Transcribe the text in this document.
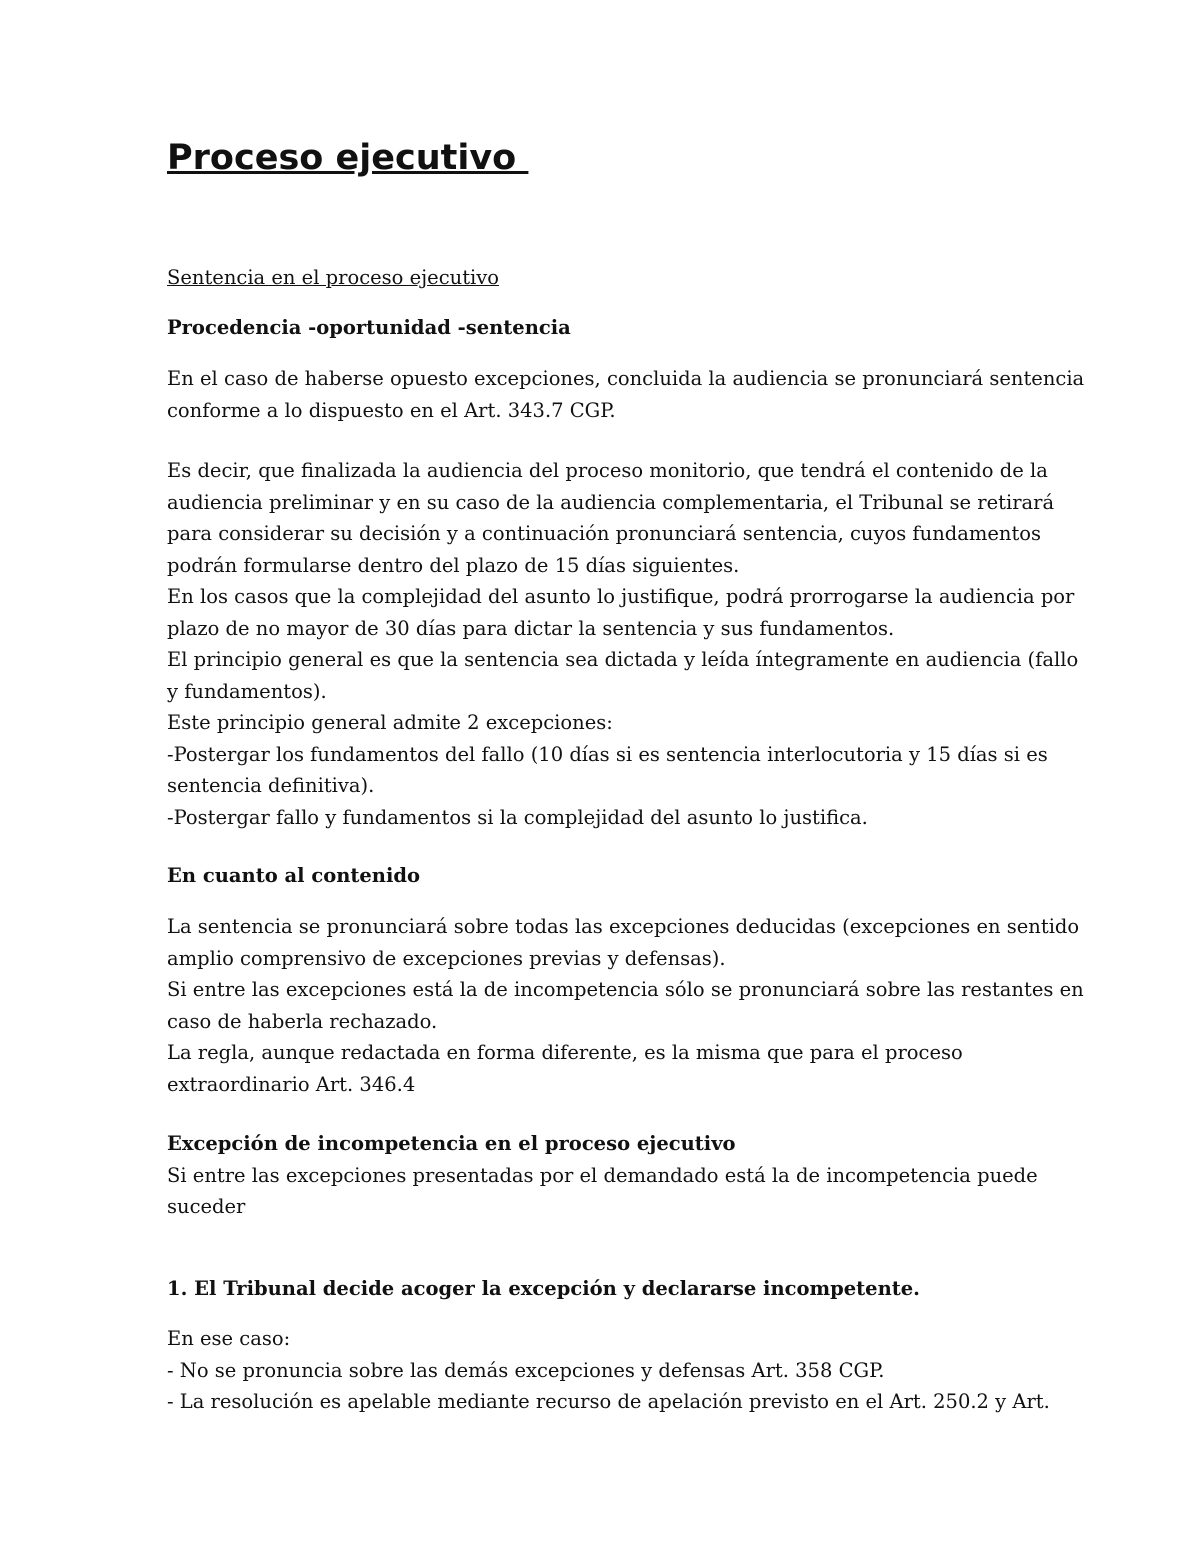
Proceso ejecutivo
Sentencia en el proceso ejecutivo
Procedencia -oportunidad -sentencia
En el caso de haberse opuesto excepciones, concluida la audiencia se pronunciará sentencia
conforme a lo dispuesto en el Art. 343.7 CGP.
Es decir, que finalizada la audiencia del proceso monitorio, que tendrá el contenido de la
audiencia preliminar y en su caso de la audiencia complementaria, el Tribunal se retirará
para considerar su decisión y a continuación pronunciará sentencia, cuyos fundamentos
podrán formularse dentro del plazo de 15 días siguientes.
En los casos que la complejidad del asunto lo justifique, podrá prorrogarse la audiencia por
plazo de no mayor de 30 días para dictar la sentencia y sus fundamentos.
El principio general es que la sentencia sea dictada y leída íntegramente en audiencia (fallo
y fundamentos).
Este principio general admite 2 excepciones:
-Postergar los fundamentos del fallo (10 días si es sentencia interlocutoria y 15 días si es
sentencia definitiva).
-Postergar fallo y fundamentos si la complejidad del asunto lo justifica.
En cuanto al contenido
La sentencia se pronunciará sobre todas las excepciones deducidas (excepciones en sentido
amplio comprensivo de excepciones previas y defensas).
Si entre las excepciones está la de incompetencia sólo se pronunciará sobre las restantes en
caso de haberla rechazado.
La regla, aunque redactada en forma diferente, es la misma que para el proceso
extraordinario Art. 346.4
Excepción de incompetencia en el proceso ejecutivo
Si entre las excepciones presentadas por el demandado está la de incompetencia puede
suceder
1. El Tribunal decide acoger la excepción y declararse incompetente.
En ese caso:
- No se pronuncia sobre las demás excepciones y defensas Art. 358 CGP.
- La resolución es apelable mediante recurso de apelación previsto en el Art. 250.2 y Art.
